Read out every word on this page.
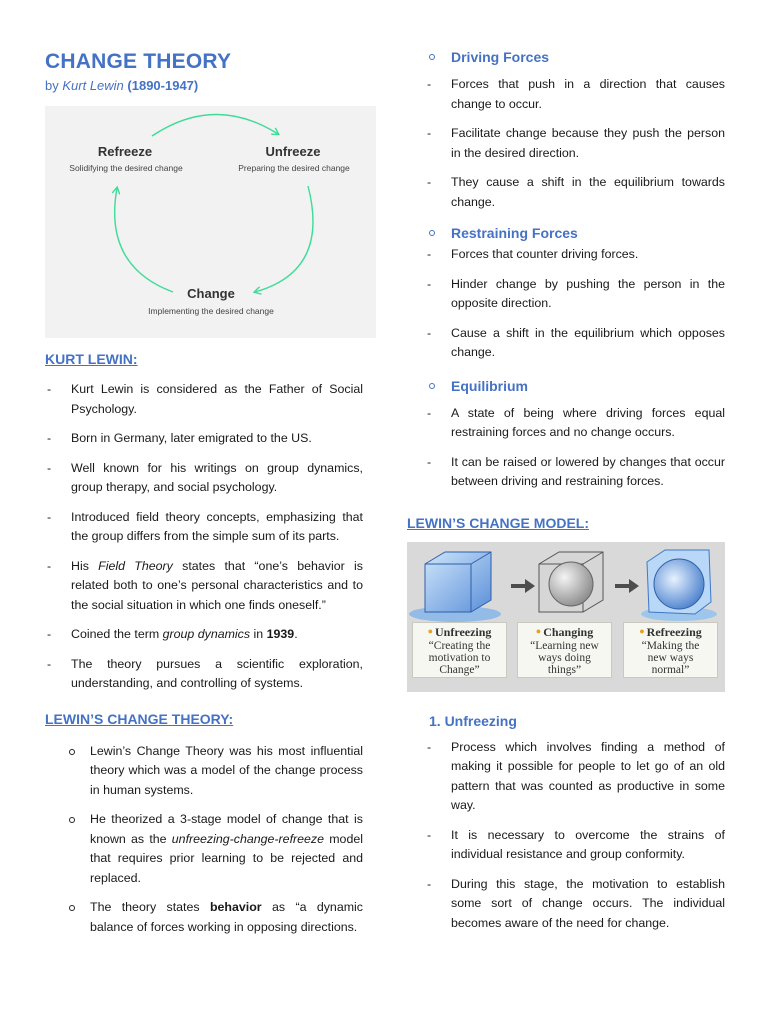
CHANGE THEORY
by Kurt Lewin (1890-1947)
Refreeze
Solidifying the desired change
Unfreeze
Preparing the desired change
Change
Implementing the desired change
KURT LEWIN:
- Kurt Lewin is considered as the Father of Social Psychology.
- Born in Germany, later emigrated to the US.
- Well known for his writings on group dynamics, group therapy, and social psychology.
- Introduced field theory concepts, emphasizing that the group differs from the simple sum of its parts.
- His Field Theory states that “one’s behavior is related both to one’s personal characteristics and to the social situation in which one finds oneself.”
- Coined the term group dynamics in 1939.
- The theory pursues a scientific exploration, understanding, and controlling of systems.
LEWIN’S CHANGE THEORY:
Lewin’s Change Theory was his most influential theory which was a model of the change process in human systems.
He theorized a 3-stage model of change that is known as the unfreezing-change-refreeze model that requires prior learning to be rejected and replaced.
The theory states behavior as “a dynamic balance of forces working in opposing directions.
Driving Forces
- Forces that push in a direction that causes change to occur.
- Facilitate change because they push the person in the desired direction.
- They cause a shift in the equilibrium towards change.
Restraining Forces
- Forces that counter driving forces.
- Hinder change by pushing the person in the opposite direction.
- Cause a shift in the equilibrium which opposes change.
Equilibrium
- A state of being where driving forces equal restraining forces and no change occurs.
- It can be raised or lowered by changes that occur between driving and restraining forces.
LEWIN’S CHANGE MODEL:
● Unfreezing
“Creating the
motivation to
Change”
● Changing
“Learning new
ways doing
things”
● Refreezing
“Making the
new ways
normal”
1. Unfreezing
- Process which involves finding a method of making it possible for people to let go of an old pattern that was counted as productive in some way.
- It is necessary to overcome the strains of individual resistance and group conformity.
- During this stage, the motivation to establish some sort of change occurs. The individual becomes aware of the need for change.
